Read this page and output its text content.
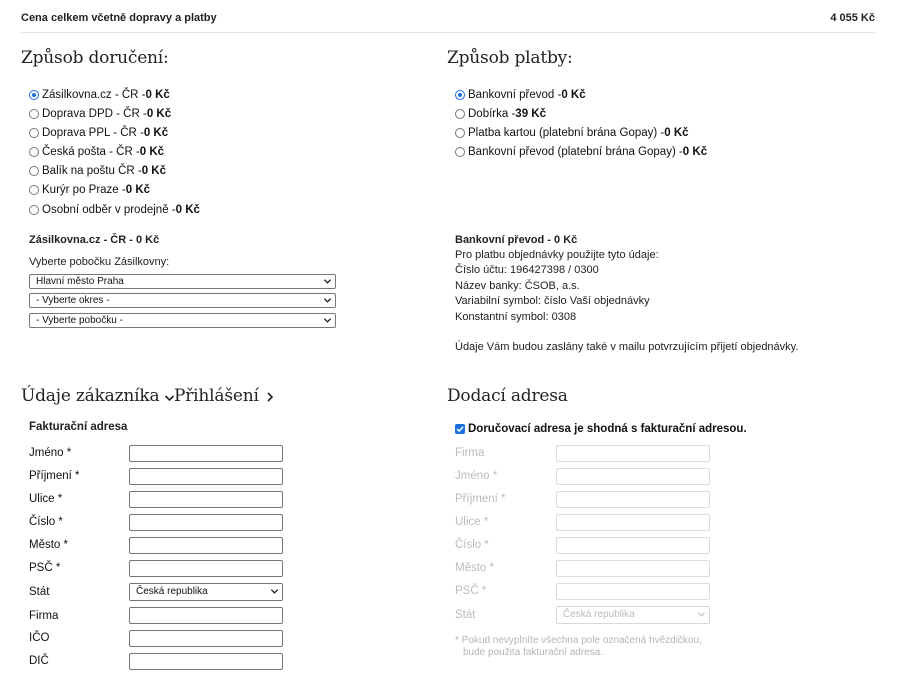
Cena celkem včetně dopravy a platby	4 055 Kč
Způsob doručení:
Zásilkovna.cz - ČR - 0 Kč
Doprava DPD - ČR - 0 Kč
Doprava PPL - ČR - 0 Kč
Česká pošta - ČR - 0 Kč
Balík na poštu ČR - 0 Kč
Kurýr po Praze - 0 Kč
Osobní odběr v prodejně - 0 Kč
Zásilkovna.cz - ČR - 0 Kč
Vyberte pobočku Zásilkovny:
Hlavní město Praha
- Vyberte okres -
- Vyberte pobočku -
Způsob platby:
Bankovní převod - 0 Kč
Dobírka - 39 Kč
Platba kartou (platební brána Gopay) - 0 Kč
Bankovní převod (platební brána Gopay) - 0 Kč
Bankovní převod - 0 Kč
Pro platbu objednávky použijte tyto údaje:
Číslo účtu: 196427398 / 0300
Název banky: ČSOB, a.s.
Variabilní symbol: číslo Vaší objednávky
Konstantní symbol: 0308
Údaje Vám budou zaslány také v mailu potvrzujícím přijetí objednávky.
Údaje zákazníka Přihlášení
Fakturační adresa
Jméno *
Příjmení *
Ulice *
Číslo *
Město *
PSČ *
Stát	Česká republika
Firma
IČO
DIČ
Dodací adresa
Doručovací adresa je shodná s fakturační adresou.
Firma
Jméno *
Příjmení *
Ulice *
Číslo *
Město *
PSČ *
Stát	Česká republika
* Pokud nevyplníte všechna pole označená hvězdičkou,
bude použita fakturační adresa.
